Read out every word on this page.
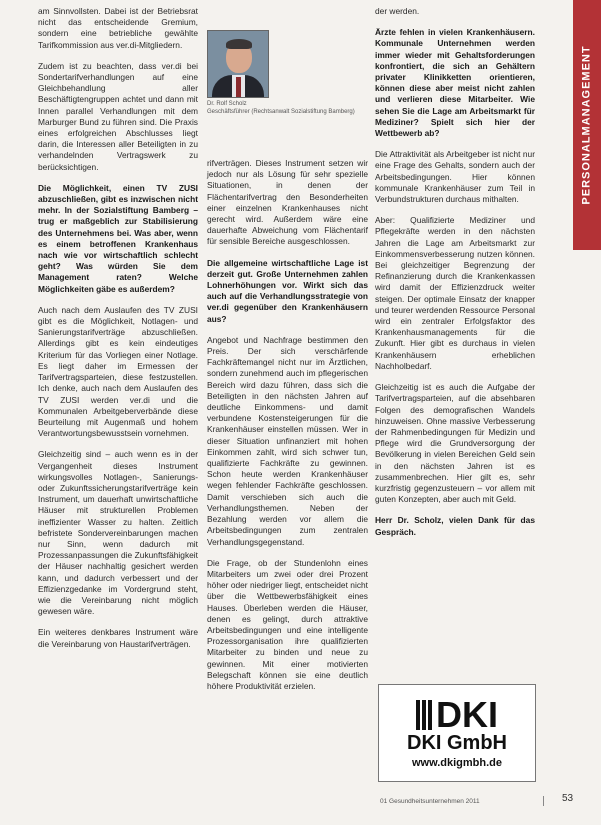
PERSONALMANAGEMENT

am Sinnvollsten. Dabei ist der Betriebsrat nicht das entscheidende Gremium, sondern eine betriebliche gewählte Tarifkommission aus ver.di-Mitgliedern.

Zudem ist zu beachten, dass ver.di bei Sondertarifverhandlungen auf eine Gleichbehandlung aller Beschäftigtengruppen achtet und dann mit Innen parallel Verhandlungen mit dem Marburger Bund zu führen sind. Die Praxis eines erfolgreichen Abschlusses liegt darin, die Interessen aller Beteiligten in zu verhandelnden Vertragswerk zu berücksichtigen.

Die Möglichkeit, einen TV ZUSI abzuschließen, gibt es inzwischen nicht mehr. In der Sozialstiftung Bamberg – trug er maßgeblich zur Stabilisierung des Unternehmens bei. Was aber, wenn es einem betroffenen Krankenhaus nach wie vor wirtschaftlich schlecht geht? Was würden Sie dem Management raten? Welche Möglichkeiten gäbe es außerdem?

Auch nach dem Auslaufen des TV ZUSI gibt es die Möglichkeit, Notlagen- und Sanierungstarifverträge abzuschließen. Allerdings gibt es kein eindeutiges Kriterium für das Vorliegen einer Notlage. Es liegt daher im Ermessen der Tarifvertragsparteien, diese festzustellen. Ich denke, auch nach dem Auslaufen des TV ZUSI werden ver.di und die Kommunalen Arbeitgeberverbände diese Beurteilung mit Augenmaß und hohem Verantwortungsbewusstsein vornehmen.

Gleichzeitig sind – auch wenn es in der Vergangenheit dieses Instrument wirkungsvolles Notlagen-, Sanierungs- oder Zukunftssicherungstarifverträge kein Instrument, um dauerhaft unwirtschaftliche Häuser mit strukturellen Problemen ineffizienter Wasser zu halten. Zeitlich befristete Sondervereinbarungen machen nur Sinn, wenn dadurch mit Prozessanpassungen die Zukunftsfähigkeit der Häuser nachhaltig gesichert werden kann, und dadurch verbessert und der Effizienzgedanke im Vordergrund steht, wie die Vereinbarung nicht möglich gewesen wäre.

Ein weiteres denkbares Instrument wäre die Vereinbarung von Haustarifverträgen.

Dr. Rolf Scholz
Geschäftsführer (Rechtsanwalt Sozialstiftung Bamberg)

rifverträgen. Dieses Instrument setzen wir jedoch nur als Lösung für sehr spezielle Situationen, in denen der Flächentarifvertrag den Besonderheiten einer einzelnen Krankenhauses nicht gerecht wird. Außerdem wäre eine dauerhafte Abweichung vom Flächentarif für sensible Bereiche ausgeschlossen.

Die allgemeine wirtschaftliche Lage ist derzeit gut. Große Unternehmen zahlen Lohnerhöhungen vor. Wirkt sich das auch auf die Verhandlungsstrategie von ver.di gegenüber den Krankenhäusern aus?

Angebot und Nachfrage bestimmen den Preis. Der sich verschärfende Fachkräftemangel nicht nur im Ärztlichen, sondern zunehmend auch im pflegerischen Bereich wird dazu führen, dass sich die Beteiligten in den nächsten Jahren auf deutliche Einkommens- und damit verbundene Kostensteigerungen für die Krankenhäuser einstellen müssen. Wer in dieser Situation unfinanziert mit hohen Einkommen zahlt, wird sich schwer tun, qualifizierte Fachkräfte zu gewinnen. Schon heute werden Krankenhäuser wegen fehlender Fachkräfte geschlossen. Damit verschieben sich auch die Verhandlungsthemen. Neben der Bezahlung werden vor allem die Arbeitsbedingungen zum zentralen Verhandlungsgegenstand.

Die Frage, ob der Stundenlohn eines Mitarbeiters um zwei oder drei Prozent höher oder niedriger liegt, entscheidet nicht über die Wettbewerbsfähigkeit eines Hauses. Überleben werden die Häuser, denen es gelingt, durch attraktive Arbeitsbedingungen und eine intelligente Prozessorganisation ihre qualifizierten Mitarbeiter zu binden und neue zu gewinnen. Mit einer motivierten Belegschaft können sie eine deutlich höhere Produktivität erzielen.

der werden.

Ärzte fehlen in vielen Krankenhäusern. Kommunale Unternehmen werden immer wieder mit Gehaltsforderungen konfrontiert, die sich an Gehältern privater Klinikketten orientieren, können diese aber meist nicht zahlen und verlieren diese Mitarbeiter. Wie sehen Sie die Lage am Arbeitsmarkt für Mediziner? Spielt sich hier der Wettbewerb ab?

Die Attraktivität als Arbeitgeber ist nicht nur eine Frage des Gehalts, sondern auch der Arbeitsbedingungen. Hier können kommunale Krankenhäuser zum Teil in Verbundstrukturen durchaus mithalten.

Aber: Qualifizierte Mediziner und Pflegekräfte werden in den nächsten Jahren die Lage am Arbeitsmarkt zur Einkommensverbesserung nutzen können. Bei gleichzeitiger Begrenzung der Refinanzierung durch die Krankenkassen wird damit der Effizienzdruck weiter steigen. Der optimale Einsatz der knapper und teurer werdenden Ressource Personal wird ein zentraler Erfolgsfaktor des Krankenhausmanagements für die Zukunft. Hier gibt es durchaus in vielen Krankenhäusern erheblichen Nachholbedarf.

Gleichzeitig ist es auch die Aufgabe der Tarifvertragsparteien, auf die absehbaren Folgen des demografischen Wandels hinzuweisen. Ohne massive Verbesserung der Rahmenbedingungen für Medizin und Pflege wird die Grundversorgung der Bevölkerung in vielen Bereichen Geld sein in den nächsten Jahren ist es zusammenbrechen. Hier gilt es, sehr kurzfristig gegenzusteuern – vor allem mit guten Konzepten, aber auch mit Geld.

Herr Dr. Scholz, vielen Dank für das Gespräch.

DKI
DKI GmbH
www.dkigmbh.de
01 Gesundheitsunternehmen 2011	53
